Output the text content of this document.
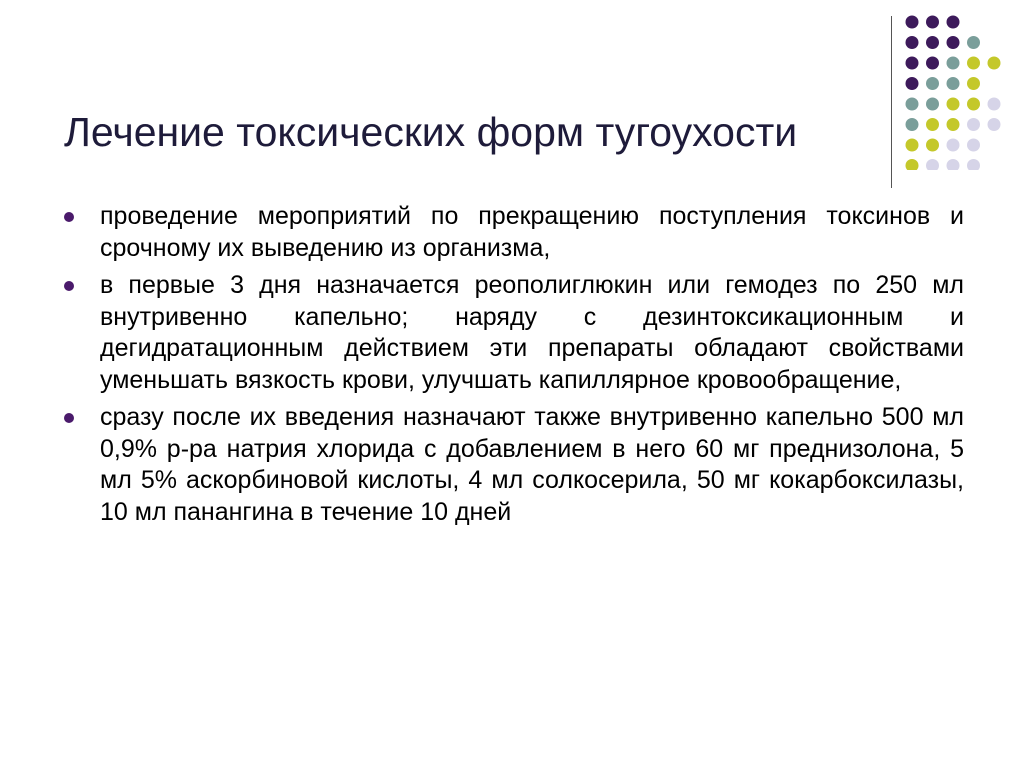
Лечение токсических форм тугоухости
проведение мероприятий по прекращению поступления токсинов и срочному их выведению из организма,
в первые 3 дня назначается реополиглюкин или гемодез по 250 мл внутривенно капельно; наряду с дезинтоксикационным и дегидратационным действием эти препараты обладают свойствами уменьшать вязкость крови, улучшать капиллярное кровообращение,
сразу после их введения назначают также внутривенно капельно 500 мл 0,9% р-ра натрия хлорида с добавлением в него 60 мг преднизолона, 5 мл 5% аскорбиновой кислоты, 4 мл солкосерила, 50 мг кокарбоксилазы, 10 мл панангина в течение 10 дней
